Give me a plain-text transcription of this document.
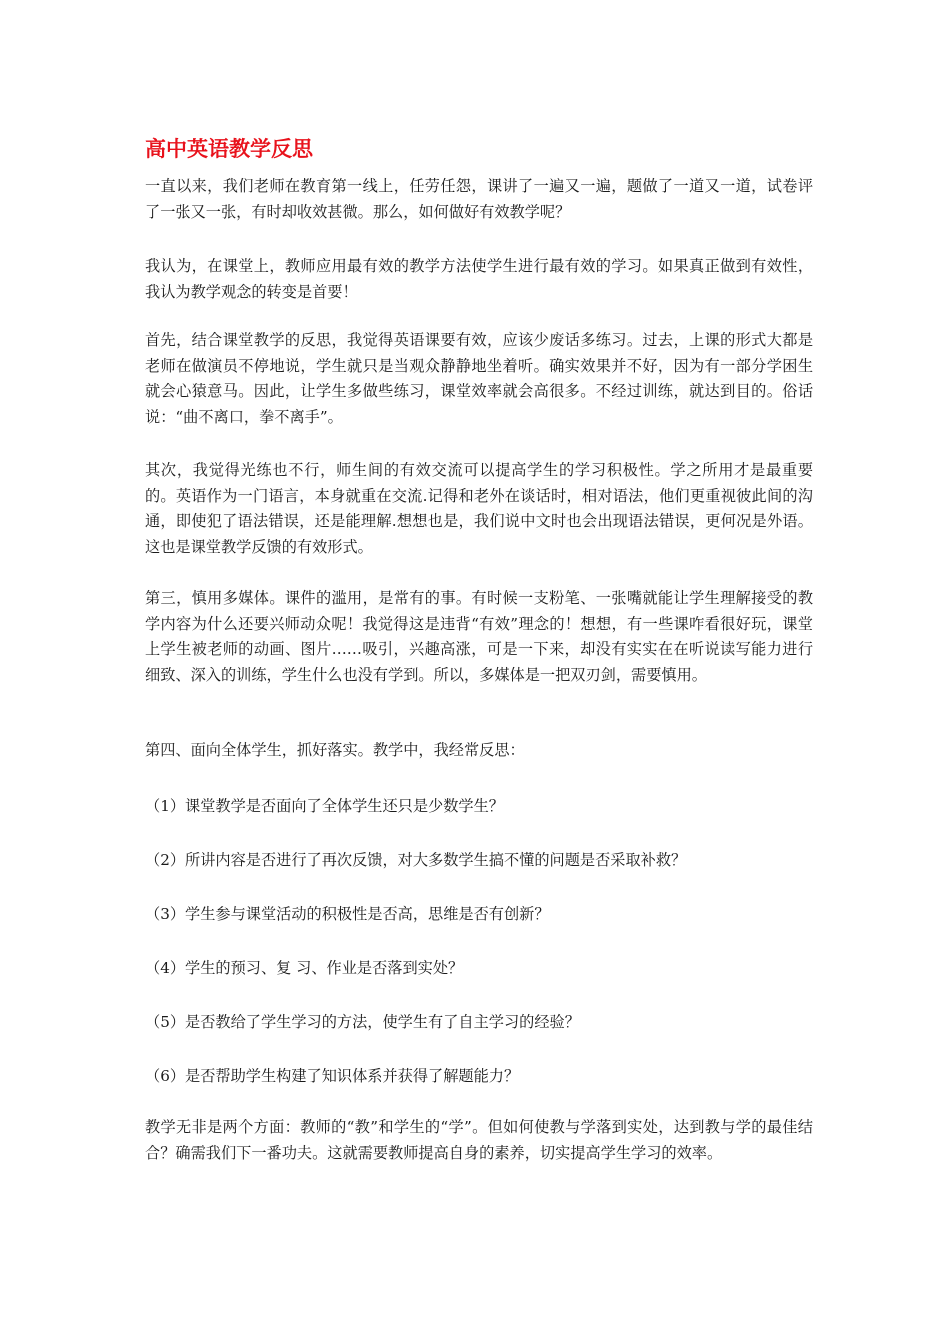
高中英语教学反思

一直以来，我们老师在教育第一线上，任劳任怨，课讲了一遍又一遍，题做了一道又一道，试卷评了一张又一张，有时却收效甚微。那么，如何做好有效教学呢？

我认为，在课堂上，教师应用最有效的教学方法使学生进行最有效的学习。如果真正做到有效性，我认为教学观念的转变是首要！

首先，结合课堂教学的反思，我觉得英语课要有效，应该少废话多练习。过去，上课的形式大都是老师在做演员不停地说，学生就只是当观众静静地坐着听。确实效果并不好，因为有一部分学困生就会心猿意马。因此，让学生多做些练习，课堂效率就会高很多。不经过训练，就达到目的。俗话说：“曲不离口，拳不离手”。

其次，我觉得光练也不行，师生间的有效交流可以提高学生的学习积极性。学之所用才是最重要的。英语作为一门语言，本身就重在交流.记得和老外在谈话时，相对语法，他们更重视彼此间的沟通，即使犯了语法错误，还是能理解.想想也是，我们说中文时也会出现语法错误，更何况是外语。这也是课堂教学反馈的有效形式。

第三，慎用多媒体。课件的滥用，是常有的事。有时候一支粉笔、一张嘴就能让学生理解接受的教学内容为什么还要兴师动众呢！我觉得这是违背“有效”理念的！想想，有一些课咋看很好玩，课堂上学生被老师的动画、图片……吸引，兴趣高涨，可是一下来，却没有实实在在听说读写能力进行细致、深入的训练，学生什么也没有学到。所以，多媒体是一把双刃剑，需要慎用。

第四、面向全体学生，抓好落实。教学中，我经常反思：

（1）课堂教学是否面向了全体学生还只是少数学生？

（2）所讲内容是否进行了再次反馈，对大多数学生搞不懂的问题是否采取补救？

（3）学生参与课堂活动的积极性是否高，思维是否有创新？

（4）学生的预习、复 习、作业是否落到实处？

（5）是否教给了学生学习的方法，使学生有了自主学习的经验？

（6）是否帮助学生构建了知识体系并获得了解题能力？

教学无非是两个方面：教师的“教”和学生的“学”。但如何使教与学落到实处，达到教与学的最佳结合？确需我们下一番功夫。这就需要教师提高自身的素养，切实提高学生学习的效率。
